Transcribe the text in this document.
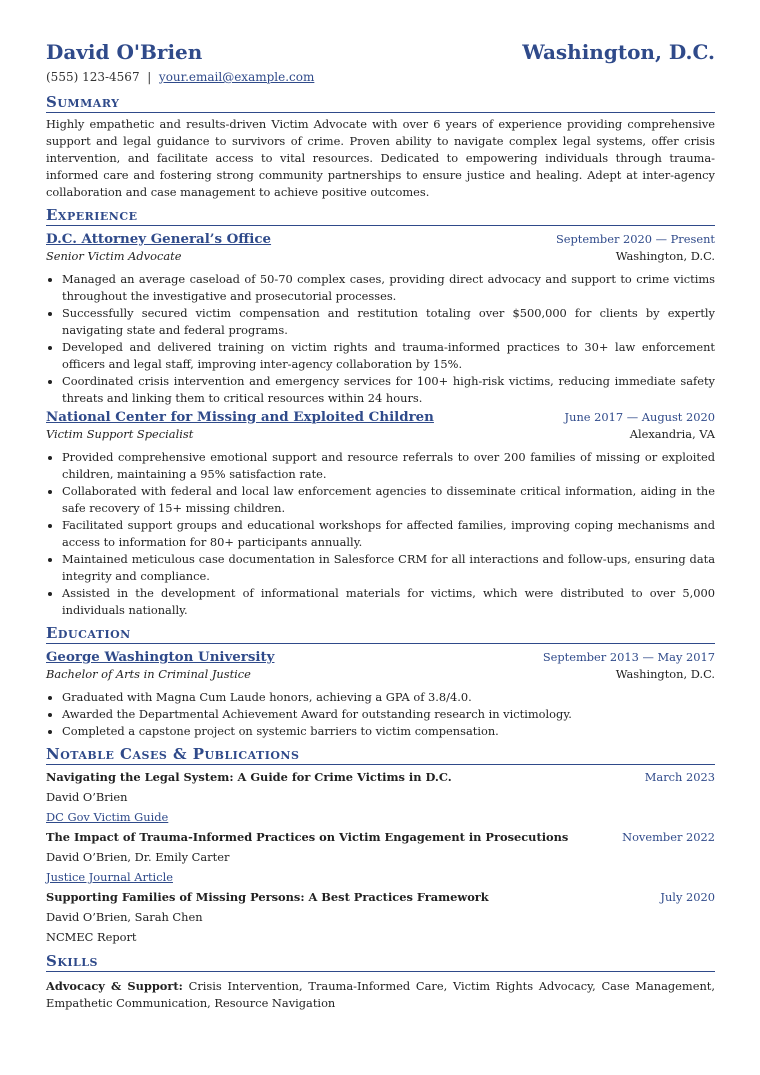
David O'Brien	Washington, D.C.
(555) 123-4567 | your.email@example.com
Summary
Highly empathetic and results-driven Victim Advocate with over 6 years of experience providing comprehensive support and legal guidance to survivors of crime. Proven ability to navigate complex legal systems, offer crisis intervention, and facilitate access to vital resources. Dedicated to empowering individuals through trauma-informed care and fostering strong community partnerships to ensure justice and healing. Adept at inter-agency collaboration and case management to achieve positive outcomes.
Experience
D.C. Attorney General’s Office	September 2020 — Present
Senior Victim Advocate	Washington, D.C.
• Managed an average caseload of 50-70 complex cases, providing direct advocacy and support to crime victims throughout the investigative and prosecutorial processes.
• Successfully secured victim compensation and restitution totaling over $500,000 for clients by expertly navigating state and federal programs.
• Developed and delivered training on victim rights and trauma-informed practices to 30+ law enforcement officers and legal staff, improving inter-agency collaboration by 15%.
• Coordinated crisis intervention and emergency services for 100+ high-risk victims, reducing immediate safety threats and linking them to critical resources within 24 hours.
National Center for Missing and Exploited Children	June 2017 — August 2020
Victim Support Specialist	Alexandria, VA
• Provided comprehensive emotional support and resource referrals to over 200 families of missing or exploited children, maintaining a 95% satisfaction rate.
• Collaborated with federal and local law enforcement agencies to disseminate critical information, aiding in the safe recovery of 15+ missing children.
• Facilitated support groups and educational workshops for affected families, improving coping mechanisms and access to information for 80+ participants annually.
• Maintained meticulous case documentation in Salesforce CRM for all interactions and follow-ups, ensuring data integrity and compliance.
• Assisted in the development of informational materials for victims, which were distributed to over 5,000 individuals nationally.
Education
George Washington University	September 2013 — May 2017
Bachelor of Arts in Criminal Justice	Washington, D.C.
• Graduated with Magna Cum Laude honors, achieving a GPA of 3.8/4.0.
• Awarded the Departmental Achievement Award for outstanding research in victimology.
• Completed a capstone project on systemic barriers to victim compensation.
Notable Cases & Publications
Navigating the Legal System: A Guide for Crime Victims in D.C.	March 2023
David O’Brien
DC Gov Victim Guide
The Impact of Trauma-Informed Practices on Victim Engagement in Prosecutions	November 2022
David O’Brien, Dr. Emily Carter
Justice Journal Article
Supporting Families of Missing Persons: A Best Practices Framework	July 2020
David O’Brien, Sarah Chen
NCMEC Report
Skills
Advocacy & Support: Crisis Intervention, Trauma-Informed Care, Victim Rights Advocacy, Case Management, Empathetic Communication, Resource Navigation
